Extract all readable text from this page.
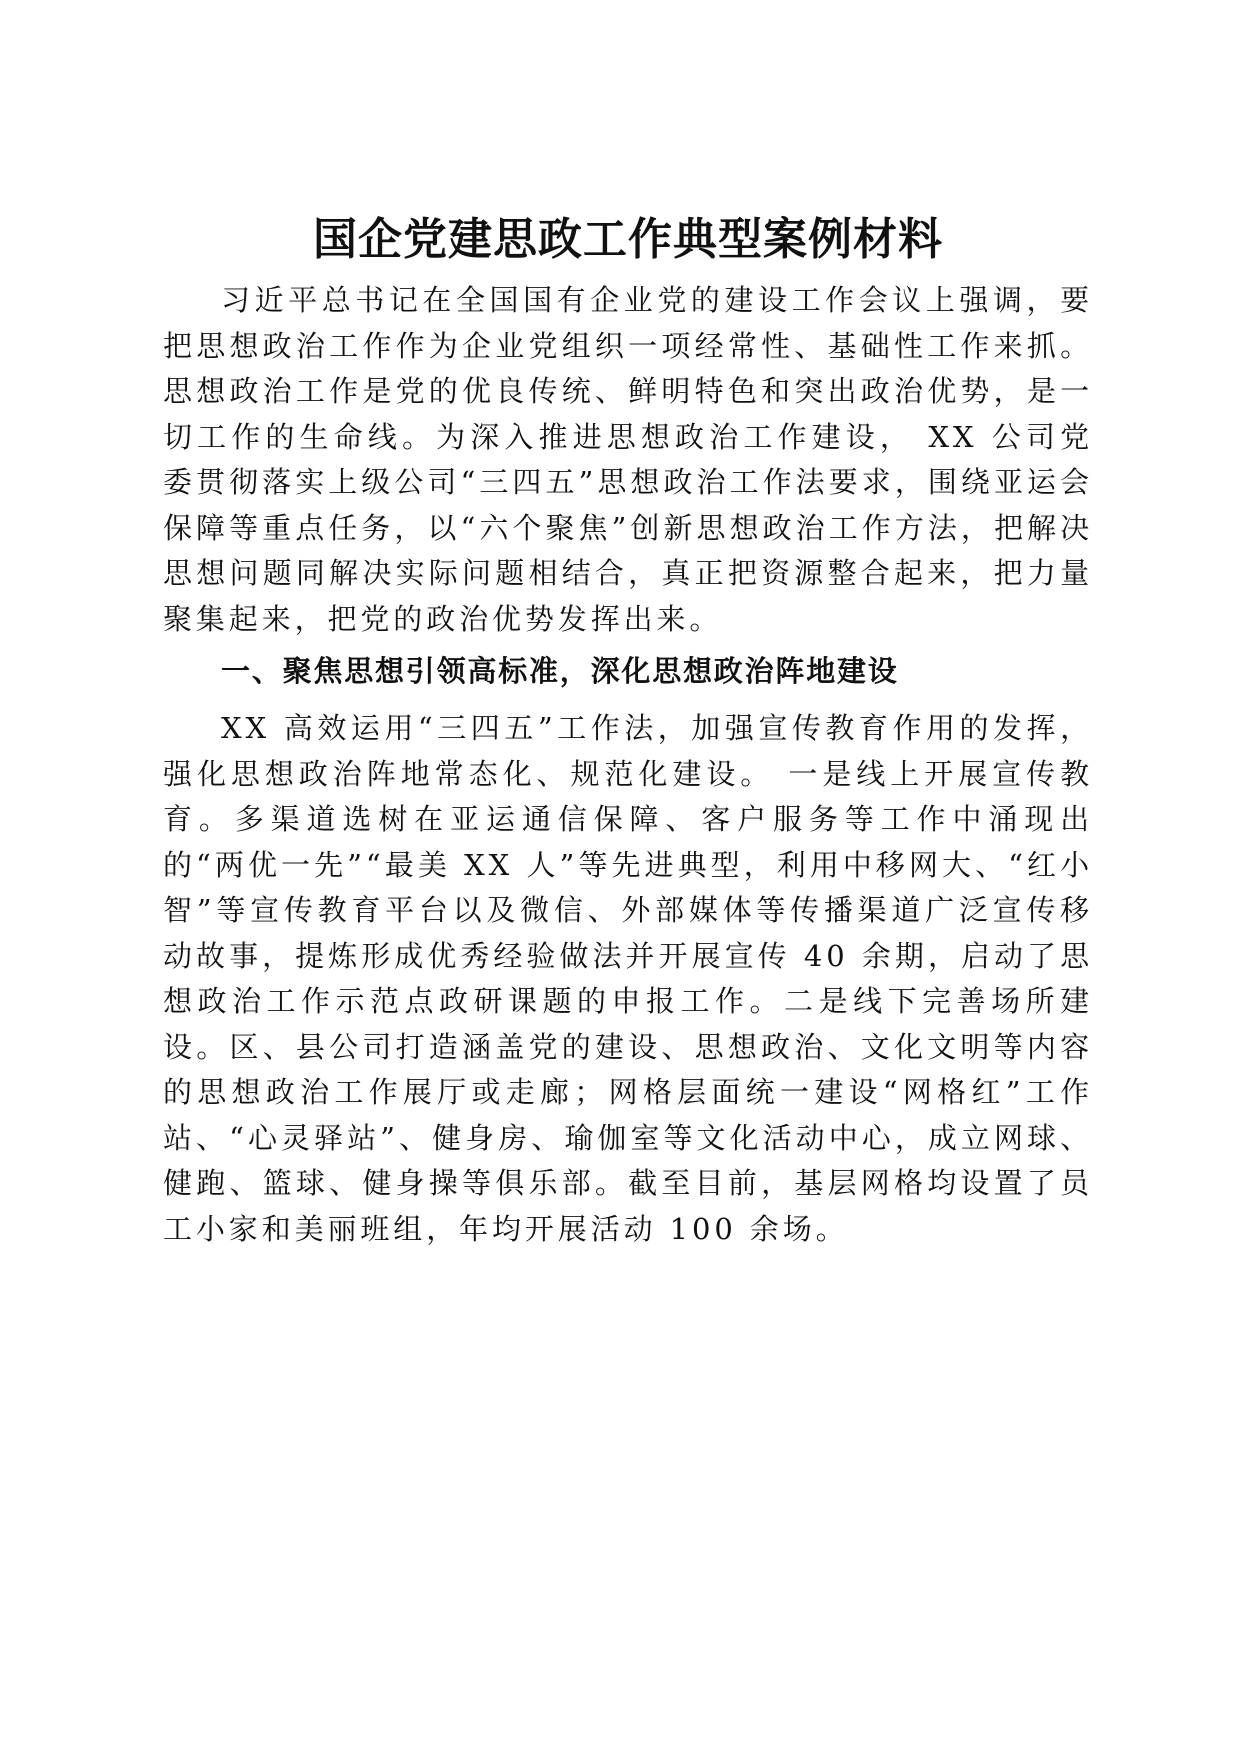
国企党建思政工作典型案例材料

习近平总书记在全国国有企业党的建设工作会议上强调，要把思想政治工作作为企业党组织一项经常性、基础性工作来抓。思想政治工作是党的优良传统、鲜明特色和突出政治优势，是一切工作的生命线。为深入推进思想政治工作建设， XX 公司党委贯彻落实上级公司“三四五”思想政治工作法要求，围绕亚运会保障等重点任务，以“六个聚焦”创新思想政治工作方法，把解决思想问题同解决实际问题相结合，真正把资源整合起来，把力量聚集起来，把党的政治优势发挥出来。

一、聚焦思想引领高标准，深化思想政治阵地建设

XX 高效运用“三四五”工作法，加强宣传教育作用的发挥，强化思想政治阵地常态化、规范化建设。 一是线上开展宣传教育。多渠道选树在亚运通信保障、客户服务等工作中涌现出的“两优一先”“最美 XX 人”等先进典型，利用中移网大、“红小智”等宣传教育平台以及微信、外部媒体等传播渠道广泛宣传移动故事，提炼形成优秀经验做法并开展宣传 40 余期，启动了思想政治工作示范点政研课题的申报工作。二是线下完善场所建设。区、县公司打造涵盖党的建设、思想政治、文化文明等内容的思想政治工作展厅或走廊；网格层面统一建设“网格红”工作站、“心灵驿站”、健身房、瑜伽室等文化活动中心，成立网球、健跑、篮球、健身操等俱乐部。截至目前，基层网格均设置了员工小家和美丽班组，年均开展活动 100 余场。
